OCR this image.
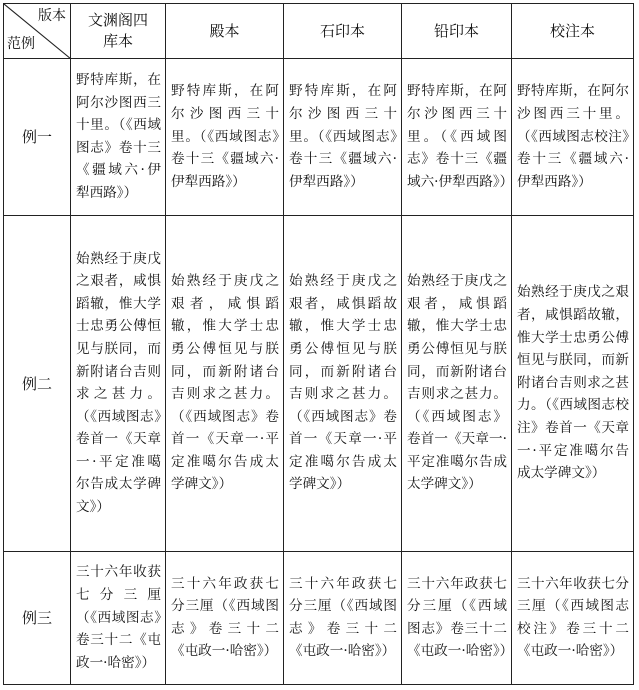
版本
范例	文渊阁四库本	殿本	石印本	铅印本	校注本
例一	野特库斯，在阿尔沙图西三十里。（《西域图志》卷十三《疆域六·伊犁西路》）	野特库斯，在阿尔沙图西三十里。（《西域图志》卷十三《疆域六·伊犁西路》）	野特库斯，在阿尔沙图西三十里。（《西域图志》卷十三《疆域六·伊犁西路》）	野特库斯，在阿尔沙图西三十里。（《西域图志》卷十三《疆域六·伊犁西路》）	野特库斯，在阿尔沙图西三十里。（《西域图志校注》卷十三《疆域六·伊犁西路》）
例二	始熟经于庚戊之艰者，咸惧蹈辙，惟大学士忠勇公傅恒见与朕同，而新附诸台吉则求之甚力。（《西域图志》卷首一《天章一·平定准噶尔告成太学碑文》）	始熟经于庚戊之艰者，咸惧蹈辙，惟大学士忠勇公傅恒见与朕同，而新附诸台吉则求之甚力。（《西域图志》卷首一《天章一·平定准噶尔告成太学碑文》）	始熟经于庚戊之艰者，咸惧蹈故辙，惟大学士忠勇公傅恒见与朕同，而新附诸台吉则求之甚力。（《西域图志》卷首一《天章一·平定准噶尔告成太学碑文》）	始熟经于庚戊之艰者，咸惧蹈辙，惟大学士忠勇公傅恒见与朕同，而新附诸台吉则求之甚力。（《西域图志》卷首一《天章一·平定准噶尔告成太学碑文》）	始熟经于庚戊之艰者，咸惧蹈故辙，惟大学士忠勇公傅恒见与朕同，而新附诸台吉则求之甚力。（《西域图志校注》卷首一《天章一·平定准噶尔告成太学碑文》）
例三	三十六年收获七分三厘（《西域图志》卷三十二《屯政一·哈密》）	三十六年政获七分三厘（《西域图志》卷三十二《屯政一·哈密》）	三十六年政获七分三厘（《西域图志》卷三十二《屯政一·哈密》）	三十六年政获七分三厘（《西域图志》卷三十二《屯政一·哈密》）	三十六年收获七分三厘（《西域图志校注》卷三十二《屯政一·哈密》）
